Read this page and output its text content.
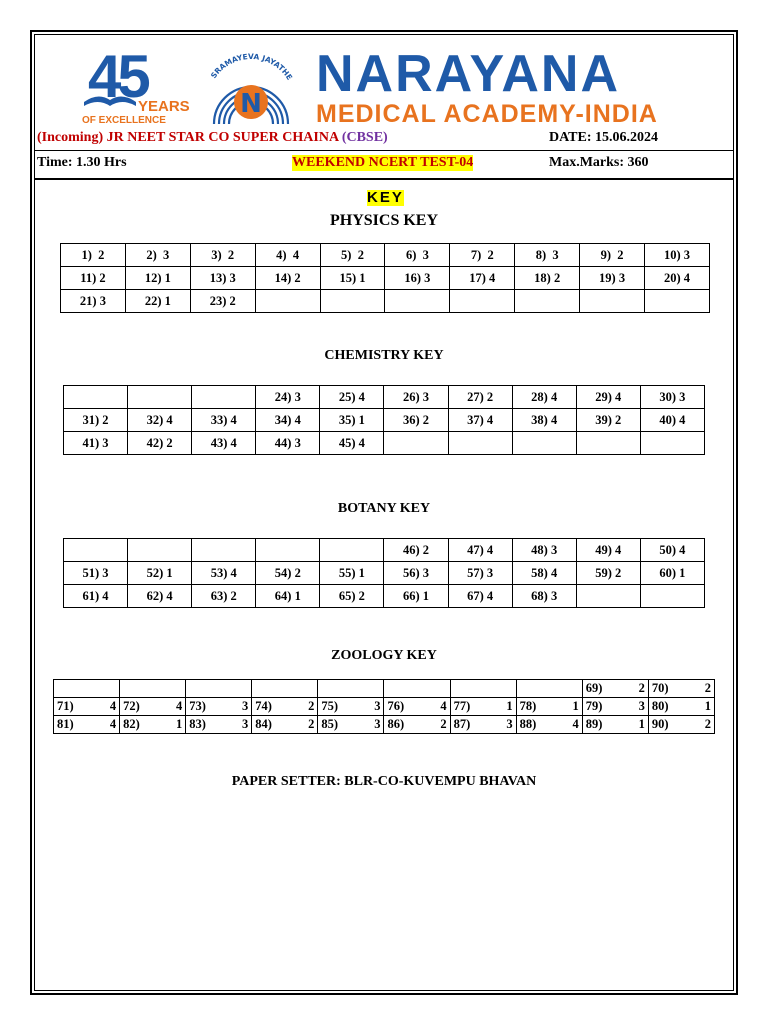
45
YEARS
OF EXCELLENCE
SRAMAYEVA JAYATHE
N
NARAYANA
MEDICAL ACADEMY-INDIA
(Incoming) JR NEET STAR CO SUPER CHAINA (CBSE)	DATE: 15.06.2024
Time: 1.30 Hrs	WEEKEND NCERT TEST-04	Max.Marks: 360
KEY
PHYSICS KEY
1)  2	2)  3	3)  2	4)  4	5)  2	6)  3	7)  2	8)  3	9)  2	10) 3
11) 2	12) 1	13) 3	14) 2	15) 1	16) 3	17) 4	18) 2	19) 3	20) 4
21) 3	22) 1	23) 2							
CHEMISTRY KEY
			24) 3	25) 4	26) 3	27) 2	28) 4	29) 4	30) 3
31) 2	32) 4	33) 4	34) 4	35) 1	36) 2	37) 4	38) 4	39) 2	40) 4
41) 3	42) 2	43) 4	44) 3	45) 4					
BOTANY KEY
					46) 2	47) 4	48) 3	49) 4	50) 4
51) 3	52) 1	53) 4	54) 2	55) 1	56) 3	57) 3	58) 4	59) 2	60) 1
61) 4	62) 4	63) 2	64) 1	65) 2	66) 1	67) 4	68) 3		
ZOOLOGY KEY

								69) 2	70) 2

71) 4	72) 4	73) 3	74) 2	75) 3	76) 4	77) 1	78) 1	79) 3	80) 1

81) 4	82) 1	83) 3	84) 2	85) 3	86) 2	87) 3	88) 4	89) 1	90) 2
PAPER SETTER: BLR-CO-KUVEMPU BHAVAN
